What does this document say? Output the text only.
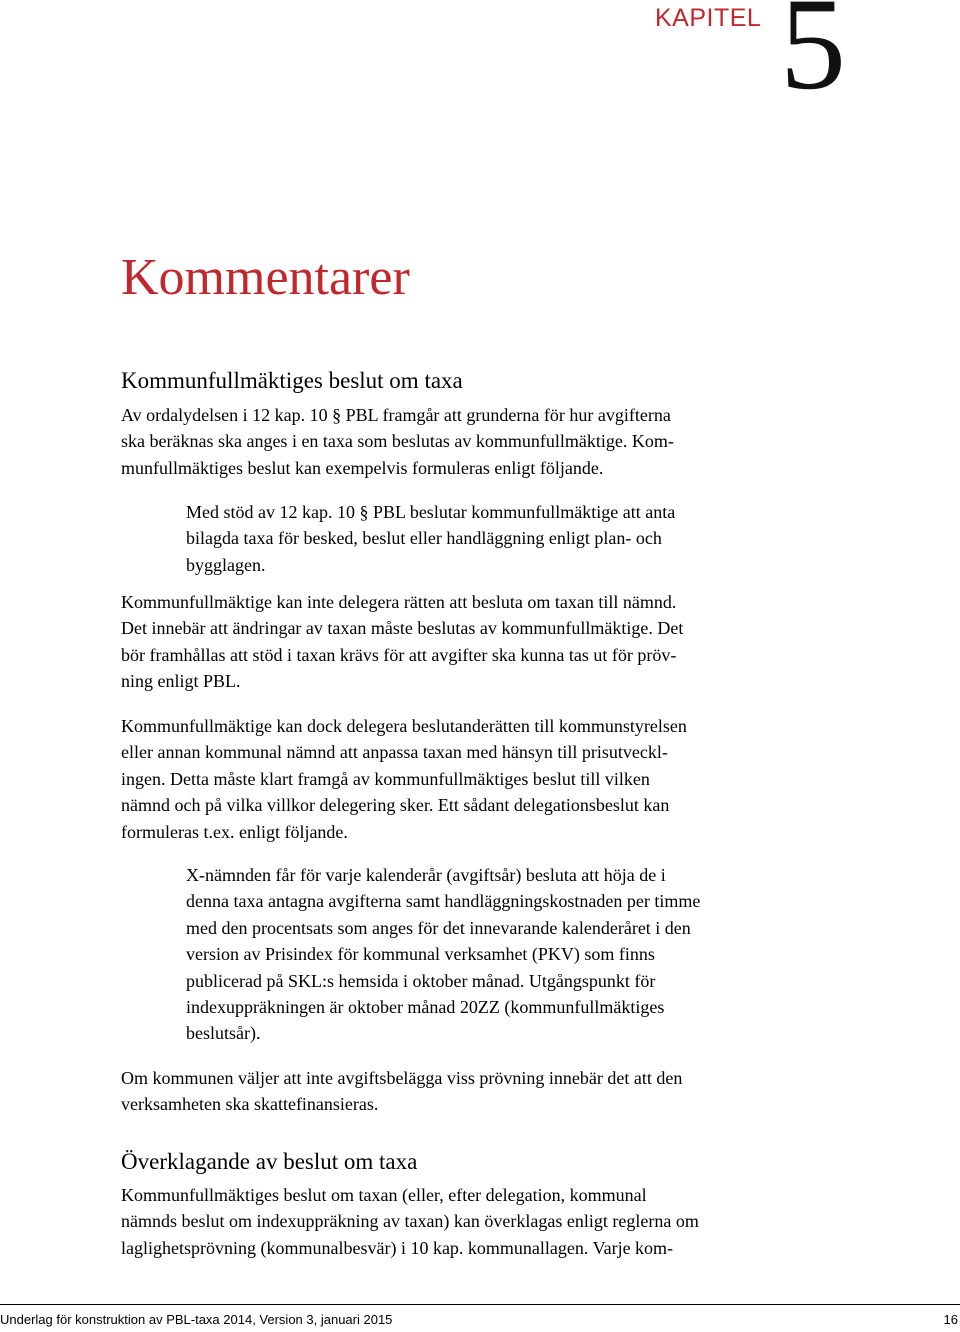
KAPITEL 5
Kommentarer
Kommunfullmäktiges beslut om taxa

Av ordalydelsen i 12 kap. 10 § PBL framgår att grunderna för hur avgifterna
ska beräknas ska anges i en taxa som beslutas av kommunfullmäktige. Kom-
munfullmäktiges beslut kan exempelvis formuleras enligt följande.

Med stöd av 12 kap. 10 § PBL beslutar kommunfullmäktige att anta
bilagda taxa för besked, beslut eller handläggning enligt plan- och
bygglagen.

Kommunfullmäktige kan inte delegera rätten att besluta om taxan till nämnd.
Det innebär att ändringar av taxan måste beslutas av kommunfullmäktige. Det
bör framhållas att stöd i taxan krävs för att avgifter ska kunna tas ut för pröv-
ning enligt PBL.

Kommunfullmäktige kan dock delegera beslutanderätten till kommunstyrelsen
eller annan kommunal nämnd att anpassa taxan med hänsyn till prisutveckl-
ingen. Detta måste klart framgå av kommunfullmäktiges beslut till vilken
nämnd och på vilka villkor delegering sker. Ett sådant delegationsbeslut kan
formuleras t.ex. enligt följande.

X-nämnden får för varje kalenderår (avgiftsår) besluta att höja de i
denna taxa antagna avgifterna samt handläggningskostnaden per timme
med den procentsats som anges för det innevarande kalenderåret i den
version av Prisindex för kommunal verksamhet (PKV) som finns
publicerad på SKL:s hemsida i oktober månad. Utgångspunkt för
indexuppräkningen är oktober månad 20ZZ (kommunfullmäktiges
beslutsår).

Om kommunen väljer att inte avgiftsbelägga viss prövning innebär det att den
verksamheten ska skattefinansieras.

Överklagande av beslut om taxa

Kommunfullmäktiges beslut om taxan (eller, efter delegation, kommunal
nämnds beslut om indexuppräkning av taxan) kan överklagas enligt reglerna om
laglighetsprövning (kommunalbesvär) i 10 kap. kommunallagen. Varje kom-

Underlag för konstruktion av PBL-taxa 2014, Version 3, januari 2015	16
